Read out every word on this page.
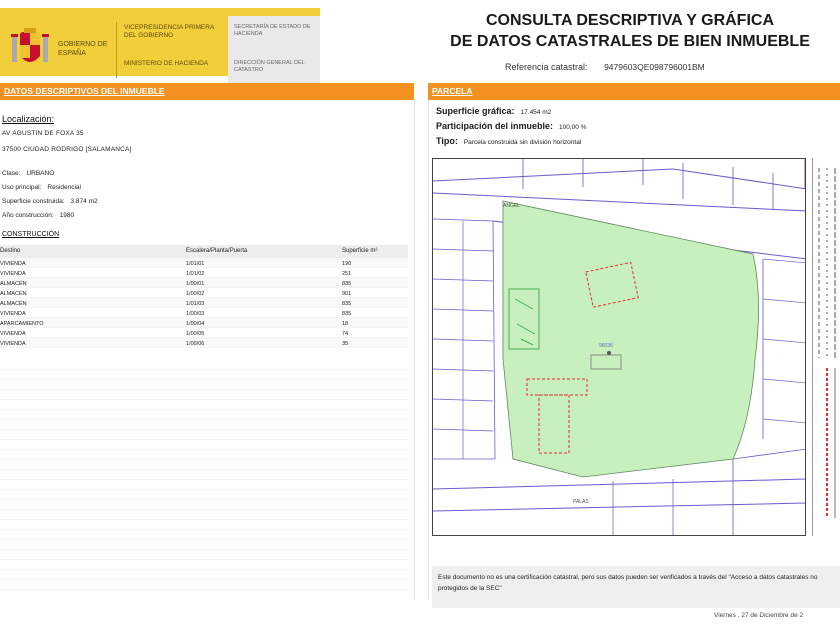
GOBIERNO DE ESPAÑA
VICEPRESIDENCIA PRIMERA DEL GOBIERNO
MINISTERIO DE HACIENDA
SECRETARÍA DE ESTADO DE HACIENDA
DIRECCIÓN GENERAL DEL CATASTRO
CONSULTA DESCRIPTIVA Y GRÁFICA
DE DATOS CATASTRALES DE BIEN INMUEBLE
Referencia catastral: 9479603QE098796001BM
DATOS DESCRIPTIVOS DEL INMUEBLE	PARCELA
Localización:
AV AGUSTIN DE FOXA 35
37500 CIUDAD RODRIGO [SALAMANCA]
Clase: URBANO
Uso principal: Residencial
Superficie construida: 3.874 m2
Año construcción: 1980
CONSTRUCCIÓN
Destino	Escalera/Planta/Puerta	Superficie m²
VIVIENDA	1/01/01	190
VIVIENDA	1/01/02	251
ALMACÉN	1/00/01	835
ALMACÉN	1/00/02	901
ALMACÉN	1/01/03	835
VIVIENDA	1/00/03	835
APARCAMIENTO	1/00/04	18
VIVIENDA	1/00/05	74
VIVIENDA	1/00/06	35
Superficie gráfica: 17.454 m2
Participación del inmueble: 100,00 %
Tipo: Parcela construida sin división horizontal
ANGEL
PALAS
96036
Este documento no es una certificación catastral, pero sus datos pueden ser verificados a través del "Acceso a datos catastrales no protegidos de la SEC"
Viernes , 27 de Diciembre de 2
